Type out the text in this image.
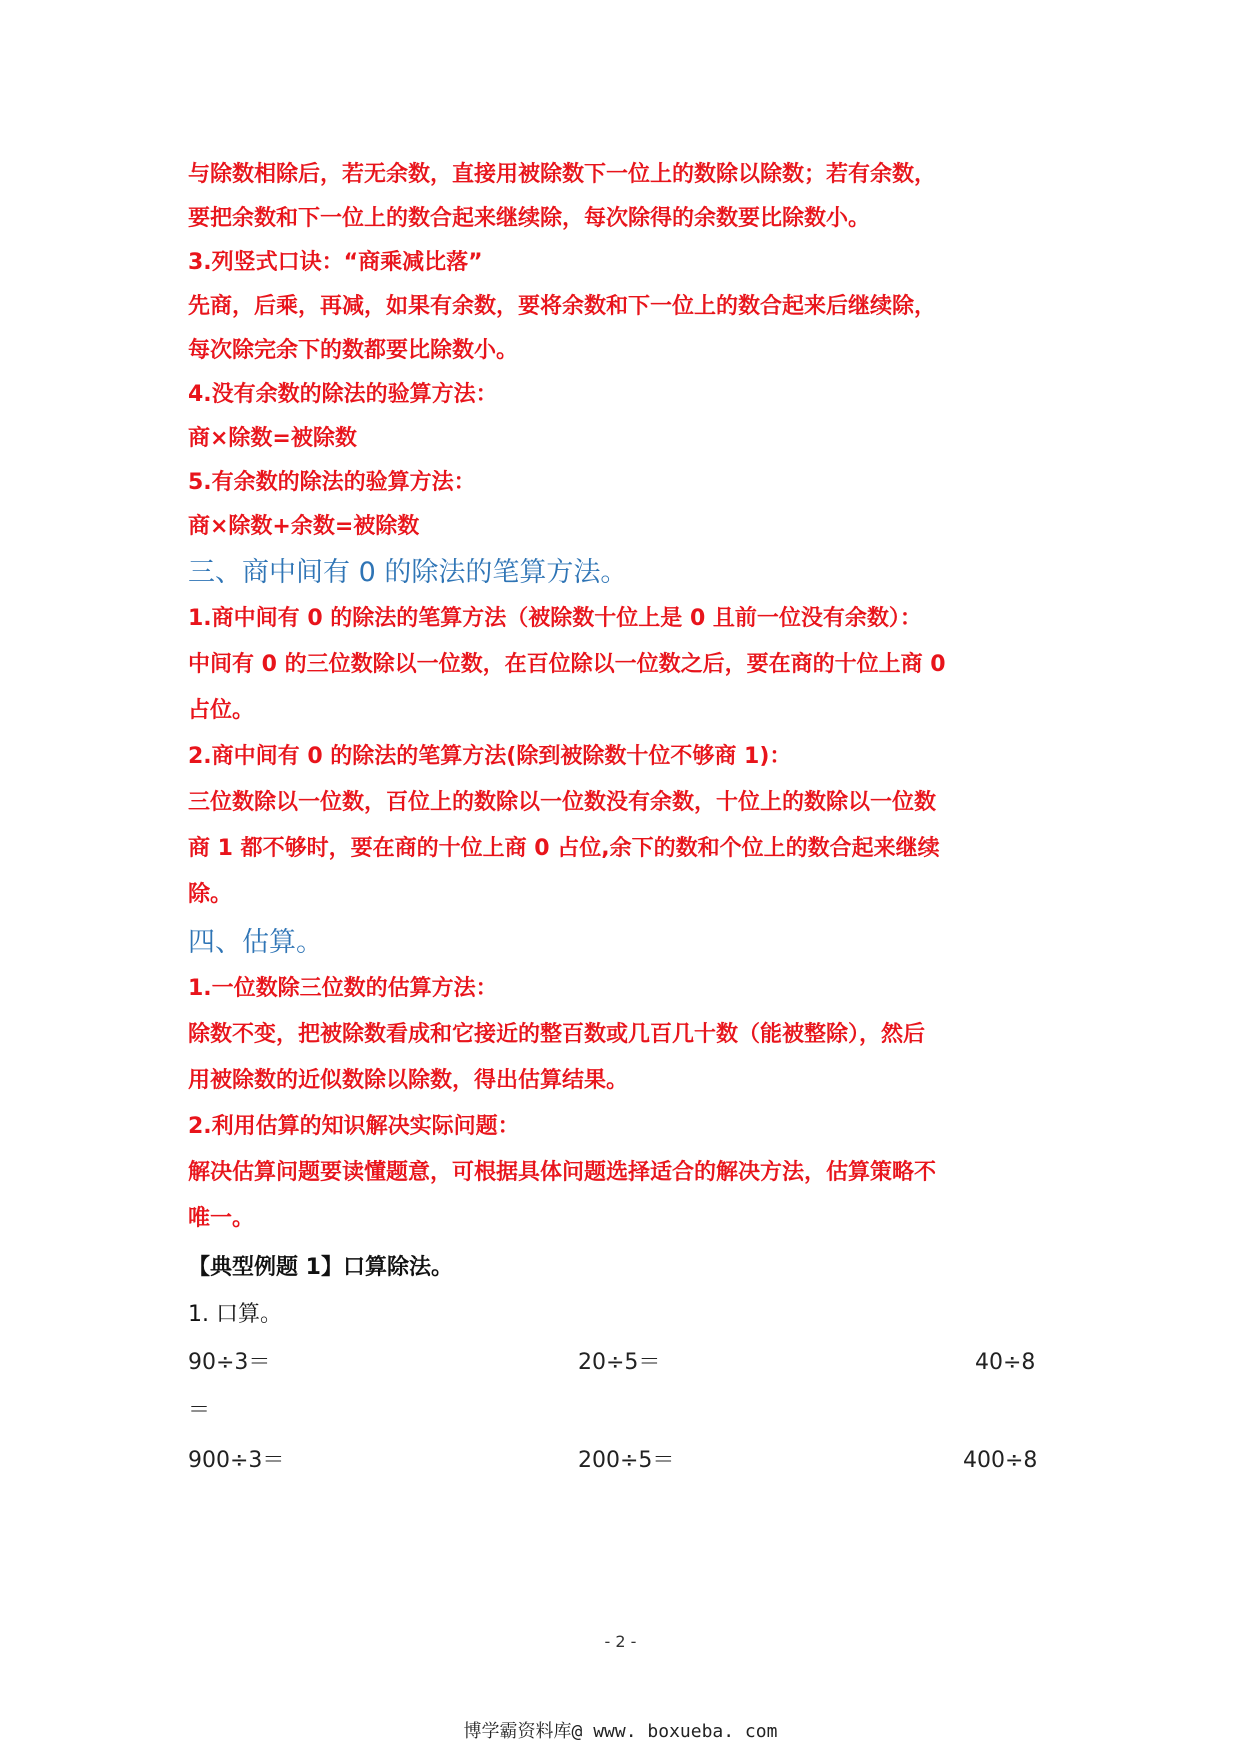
与除数相除后，若无余数，直接用被除数下一位上的数除以除数；若有余数，
要把余数和下一位上的数合起来继续除，每次除得的余数要比除数小。
3.列竖式口诀：“商乘减比落”
先商，后乘，再减，如果有余数，要将余数和下一位上的数合起来后继续除，
每次除完余下的数都要比除数小。
4.没有余数的除法的验算方法：
商×除数=被除数
5.有余数的除法的验算方法：
商×除数+余数=被除数
三、商中间有 0 的除法的笔算方法。
1.商中间有 0 的除法的笔算方法（被除数十位上是 0 且前一位没有余数）：
中间有 0 的三位数除以一位数，在百位除以一位数之后，要在商的十位上商 0
占位。
2.商中间有 0 的除法的笔算方法(除到被除数十位不够商 1)：
三位数除以一位数，百位上的数除以一位数没有余数，十位上的数除以一位数
商 1 都不够时，要在商的十位上商 0 占位,余下的数和个位上的数合起来继续
除。
四、估算。
1.一位数除三位数的估算方法：
除数不变，把被除数看成和它接近的整百数或几百几十数（能被整除），然后
用被除数的近似数除以除数，得出估算结果。
2.利用估算的知识解决实际问题：
解决估算问题要读懂题意，可根据具体问题选择适合的解决方法，估算策略不
唯一。
【典型例题 1】口算除法。
1. 口算。
90÷3＝	20÷5＝	40÷8
＝
900÷3＝	200÷5＝	400÷8
- 2 -
博学霸资料库@ www. boxueba. com
